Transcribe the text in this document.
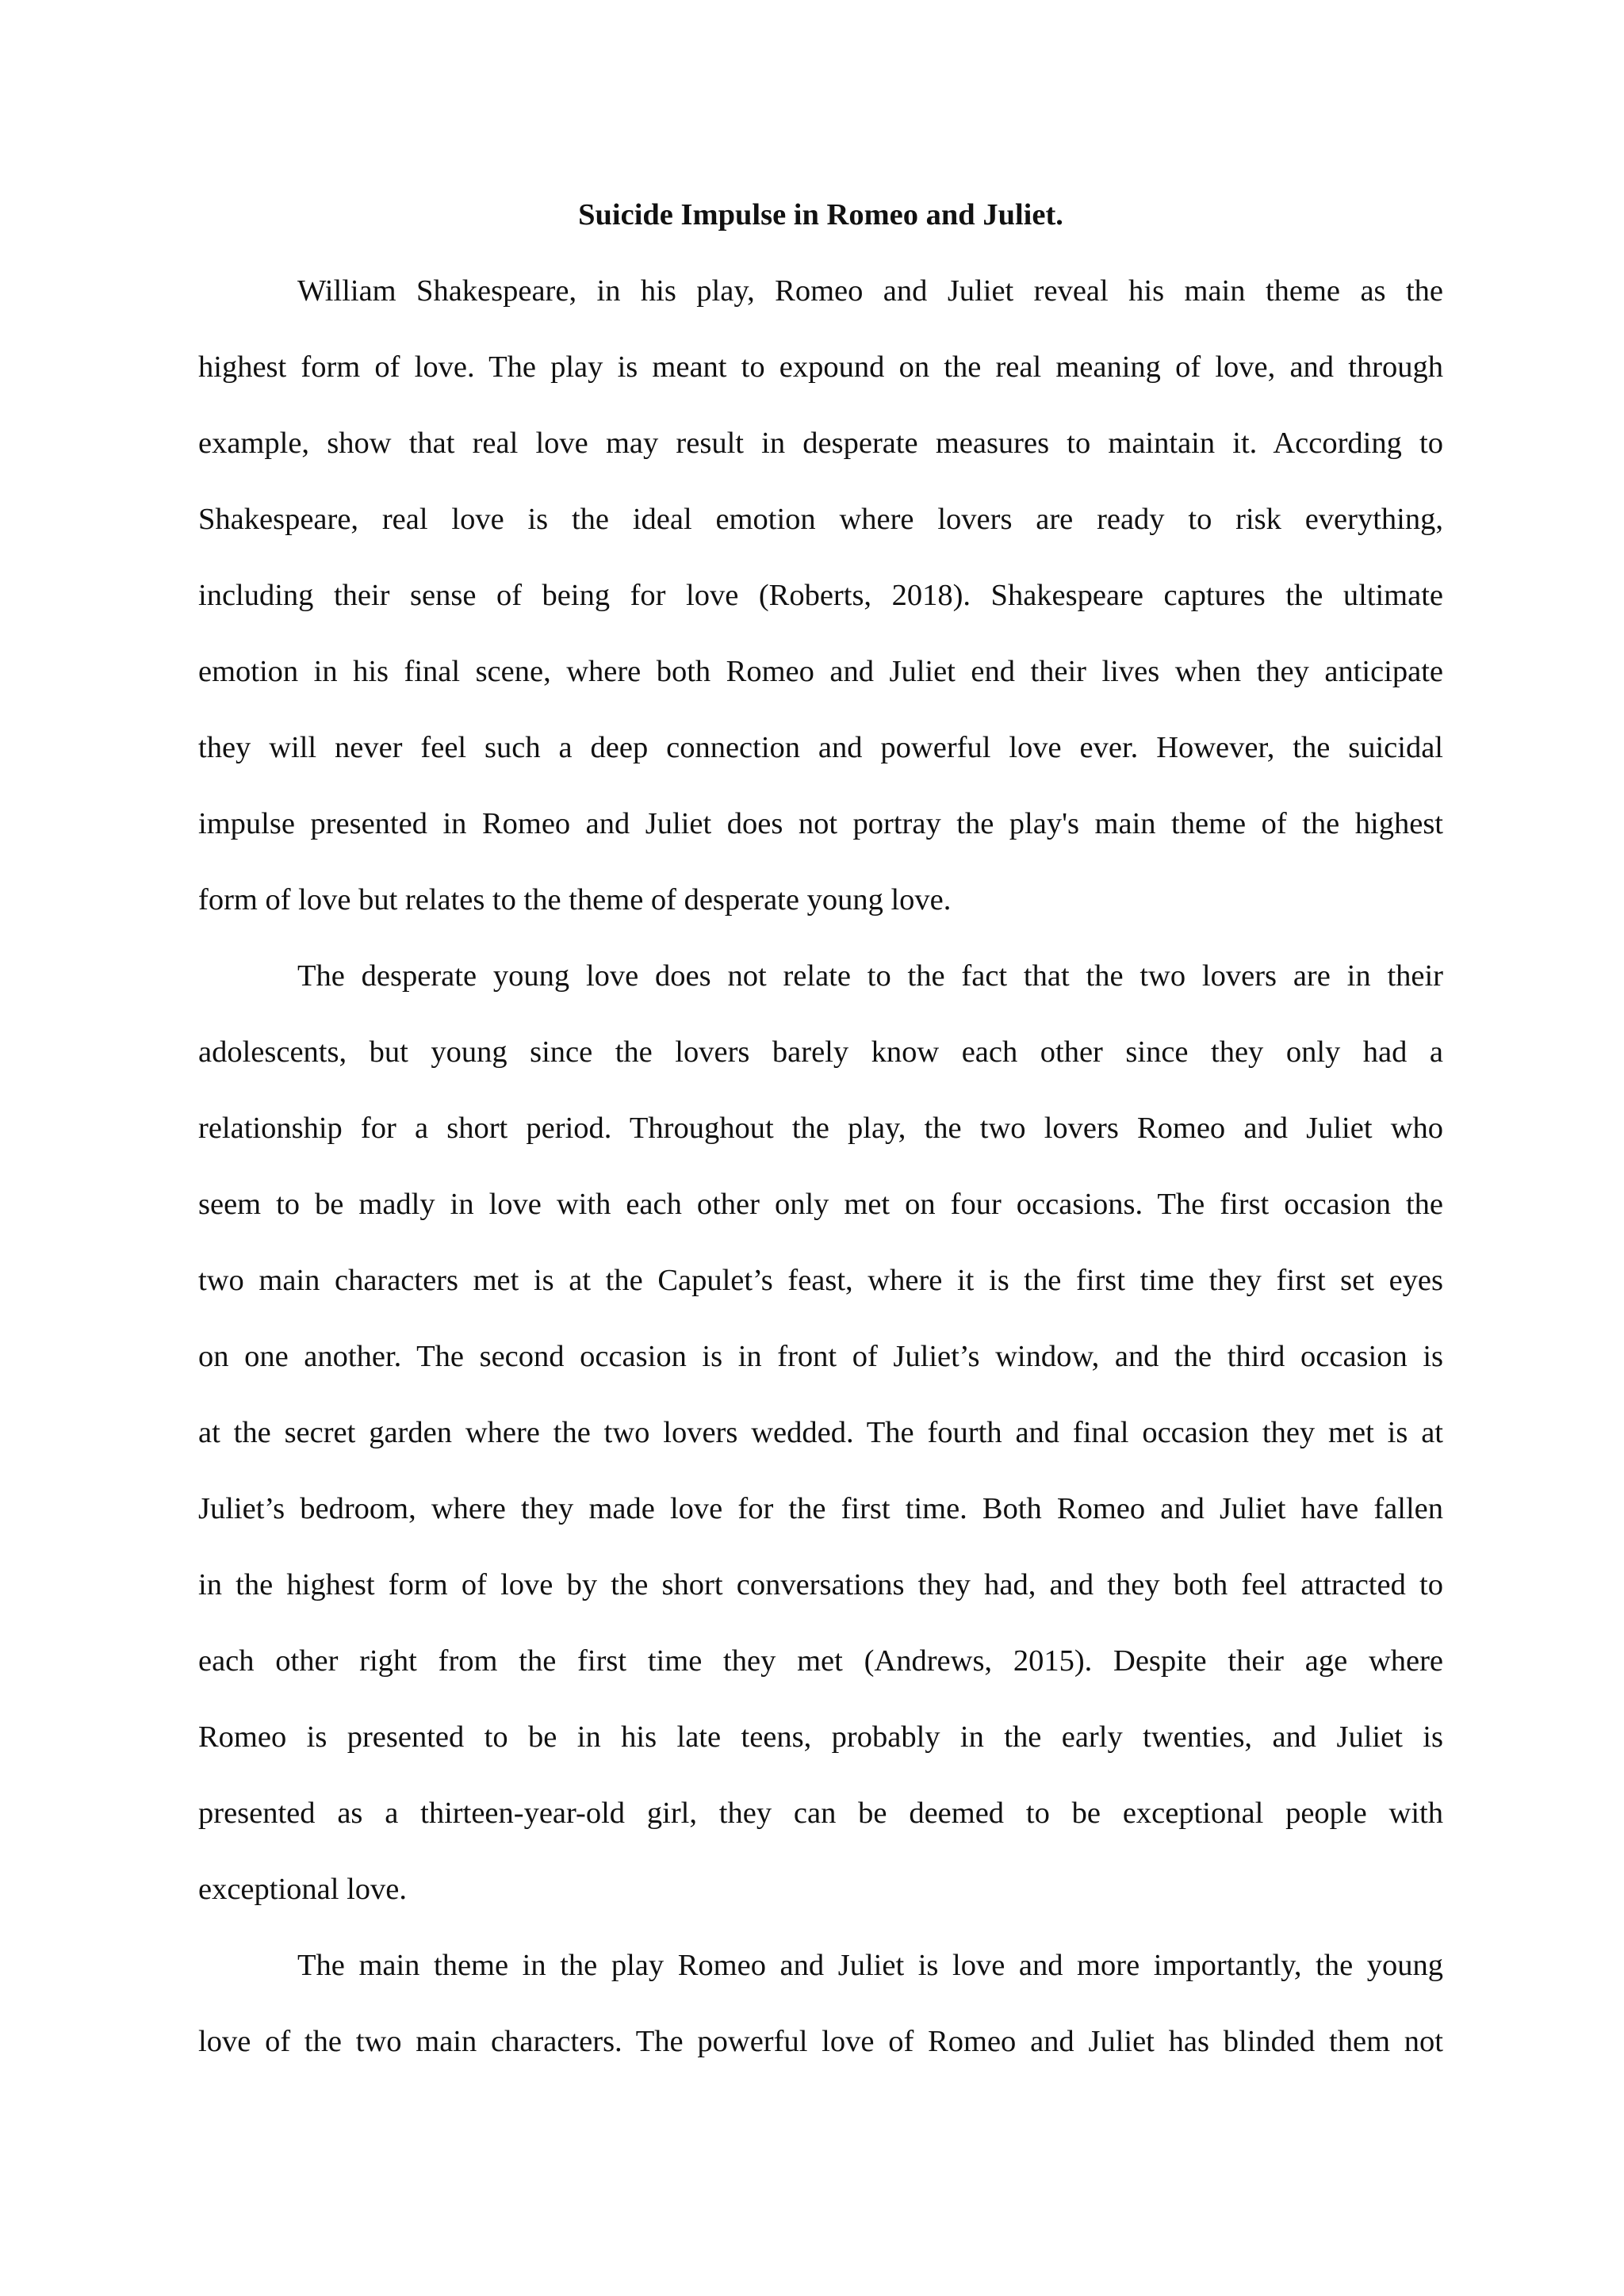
Suicide Impulse in Romeo and Juliet.
William Shakespeare, in his play, Romeo and Juliet reveal his main theme as the
highest form of love. The play is meant to expound on the real meaning of love, and through
example, show that real love may result in desperate measures to maintain it. According to
Shakespeare, real love is the ideal emotion where lovers are ready to risk everything,
including their sense of being for love (Roberts, 2018). Shakespeare captures the ultimate
emotion in his final scene, where both Romeo and Juliet end their lives when they anticipate
they will never feel such a deep connection and powerful love ever. However, the suicidal
impulse presented in Romeo and Juliet does not portray the play's main theme of the highest
form of love but relates to the theme of desperate young love.
The desperate young love does not relate to the fact that the two lovers are in their
adolescents, but young since the lovers barely know each other since they only had a
relationship for a short period. Throughout the play, the two lovers Romeo and Juliet who
seem to be madly in love with each other only met on four occasions. The first occasion the
two main characters met is at the Capulet’s feast, where it is the first time they first set eyes
on one another. The second occasion is in front of Juliet’s window, and the third occasion is
at the secret garden where the two lovers wedded. The fourth and final occasion they met is at
Juliet’s bedroom, where they made love for the first time. Both Romeo and Juliet have fallen
in the highest form of love by the short conversations they had, and they both feel attracted to
each other right from the first time they met (Andrews, 2015). Despite their age where
Romeo is presented to be in his late teens, probably in the early twenties, and Juliet is
presented as a thirteen-year-old girl, they can be deemed to be exceptional people with
exceptional love.
The main theme in the play Romeo and Juliet is love and more importantly, the young
love of the two main characters. The powerful love of Romeo and Juliet has blinded them not
